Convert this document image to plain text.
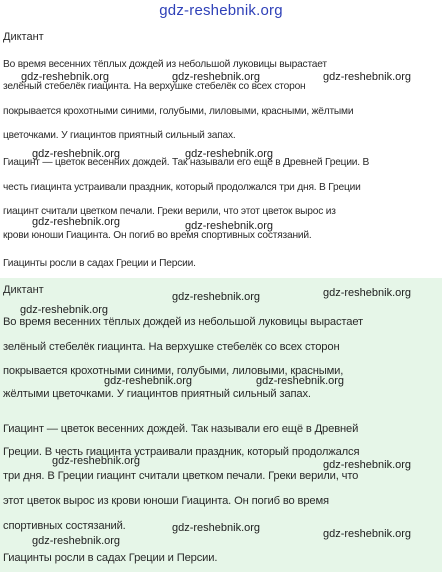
gdz-reshebnik.org
Диктант
Во время весенних тёплых дождей из небольшой луковицы вырастает
зелёный стебелёк гиацинта. На верхушке стебелёк со всех сторон
покрывается крохотными синими, голубыми, лиловыми, красными, жёлтыми
цветочками. У гиацинтов приятный сильный запах.
Гиацинт — цветок весенних дождей. Так называли его ещё в Древней Греции. В
честь гиацинта устраивали праздник, который продолжался три дня. В Греции
гиацинт считали цветком печали. Греки верили, что этот цветок вырос из
крови юноши Гиацинта. Он погиб во время спортивных состязаний.
Гиацинты росли в садах Греции и Персии.
Диктант
Во время весенних тёплых дождей из небольшой луковицы вырастает
зелёный стебелёк гиацинта. На верхушке стебелёк со всех сторон
покрывается крохотными синими, голубыми, лиловыми, красными,
жёлтыми цветочками. У гиацинтов приятный сильный запах.
Гиацинт — цветок весенних дождей. Так называли его ещё в Древней
Греции. В честь гиацинта устраивали праздник, который продолжался
три дня. В Греции гиацинт считали цветком печали. Греки верили, что
этот цветок вырос из крови юноши Гиацинта. Он погиб во время
спортивных состязаний.
Гиацинты росли в садах Греции и Персии.
gdz-reshebnik.org	gdz-reshebnik.org	gdz-reshebnik.org
gdz-reshebnik.org	gdz-reshebnik.org
gdz-reshebnik.org	gdz-reshebnik.org
gdz-reshebnik.org	gdz-reshebnik.org
gdz-reshebnik.org
gdz-reshebnik.org	gdz-reshebnik.org
gdz-reshebnik.org	gdz-reshebnik.org
gdz-reshebnik.org	gdz-reshebnik.org
gdz-reshebnik.org
